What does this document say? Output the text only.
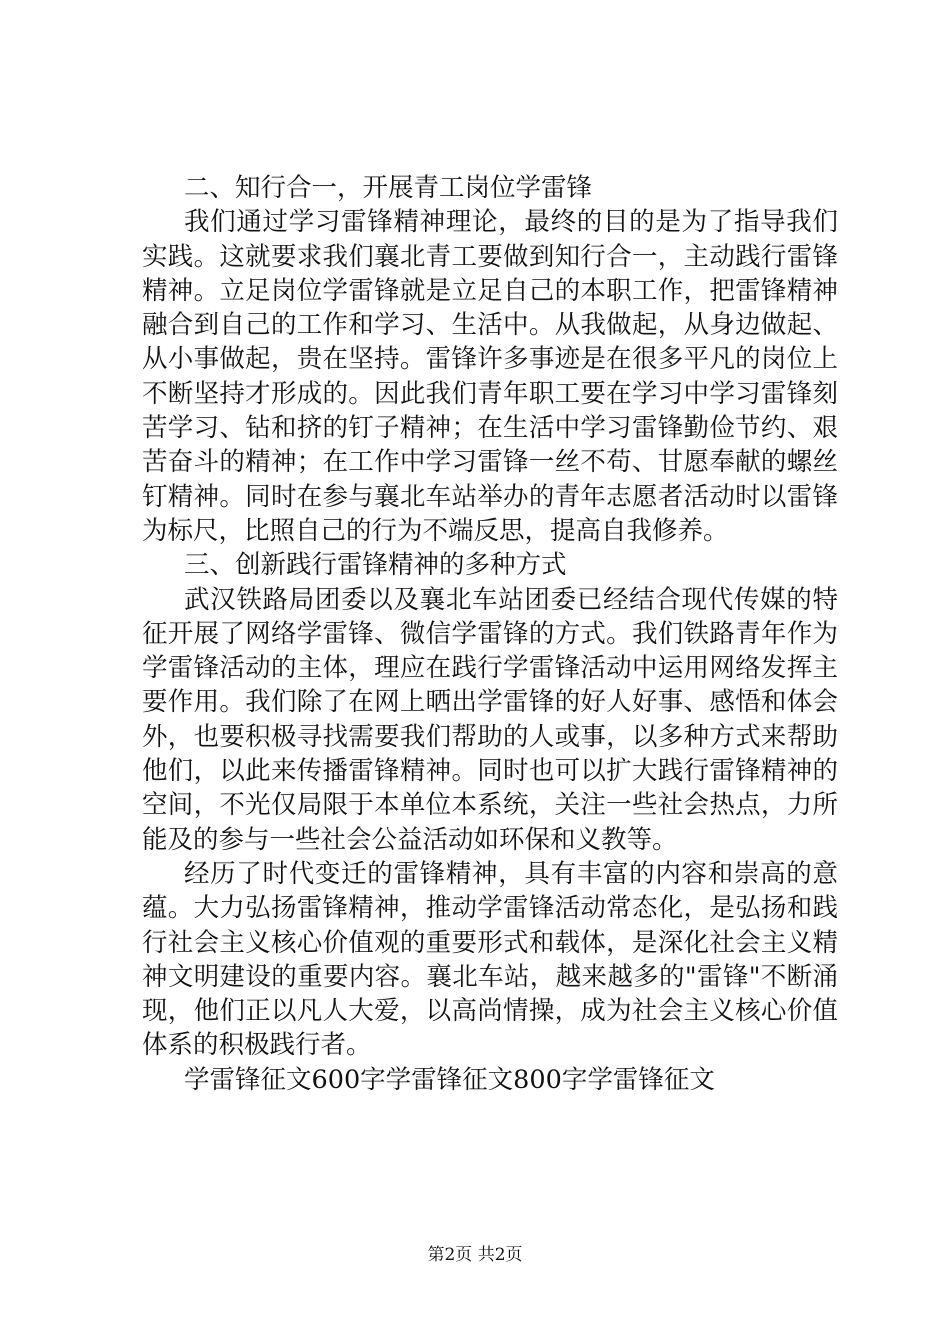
二、知行合一，开展青工岗位学雷锋

我们通过学习雷锋精神理论，最终的目的是为了指导我们实践。这就要求我们襄北青工要做到知行合一，主动践行雷锋精神。立足岗位学雷锋就是立足自己的本职工作，把雷锋精神融合到自己的工作和学习、生活中。从我做起，从身边做起、从小事做起，贵在坚持。雷锋许多事迹是在很多平凡的岗位上不断坚持才形成的。因此我们青年职工要在学习中学习雷锋刻苦学习、钻和挤的钉子精神；在生活中学习雷锋勤俭节约、艰苦奋斗的精神；在工作中学习雷锋一丝不苟、甘愿奉献的螺丝钉精神。同时在参与襄北车站举办的青年志愿者活动时以雷锋为标尺，比照自己的行为不端反思，提高自我修养。

三、创新践行雷锋精神的多种方式

武汉铁路局团委以及襄北车站团委已经结合现代传媒的特征开展了网络学雷锋、微信学雷锋的方式。我们铁路青年作为学雷锋活动的主体，理应在践行学雷锋活动中运用网络发挥主要作用。我们除了在网上晒出学雷锋的好人好事、感悟和体会外，也要积极寻找需要我们帮助的人或事，以多种方式来帮助他们，以此来传播雷锋精神。同时也可以扩大践行雷锋精神的空间，不光仅局限于本单位本系统，关注一些社会热点，力所能及的参与一些社会公益活动如环保和义教等。

经历了时代变迁的雷锋精神，具有丰富的内容和崇高的意蕴。大力弘扬雷锋精神，推动学雷锋活动常态化，是弘扬和践行社会主义核心价值观的重要形式和载体，是深化社会主义精神文明建设的重要内容。襄北车站，越来越多的"雷锋"不断涌现，他们正以凡人大爱，以高尚情操，成为社会主义核心价值体系的积极践行者。

学雷锋征文600字学雷锋征文800字学雷锋征文

第2页 共2页
